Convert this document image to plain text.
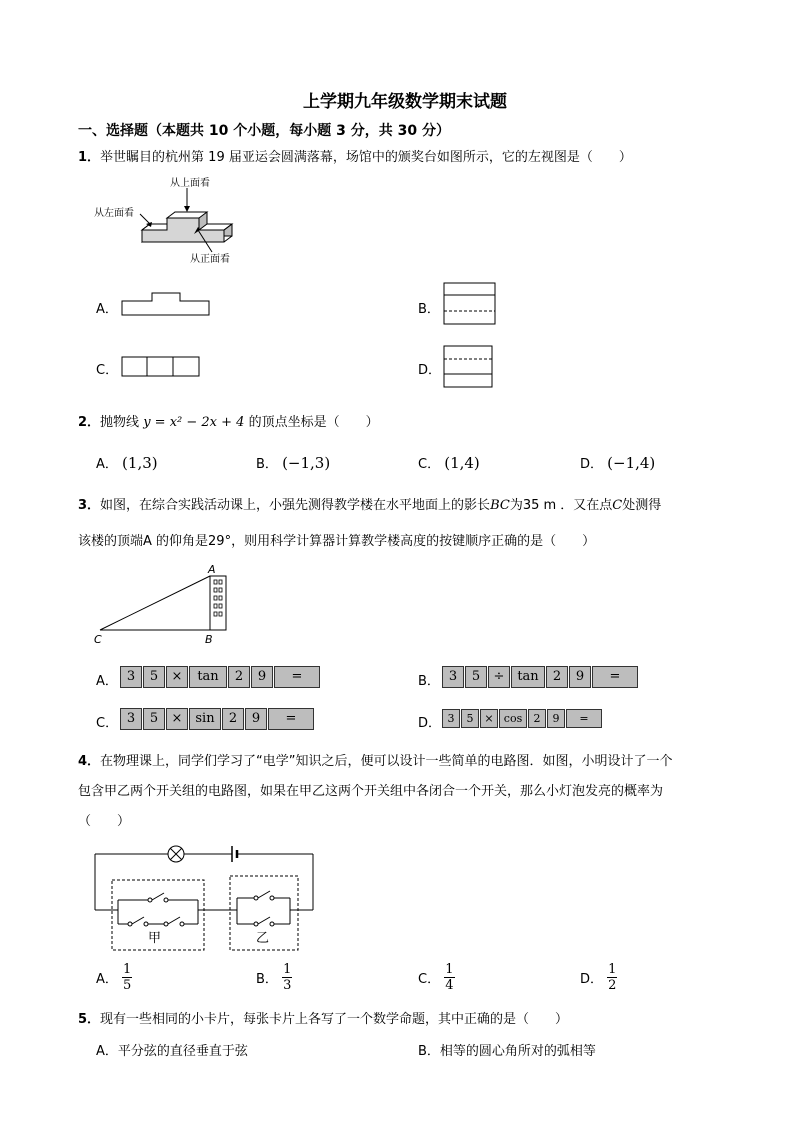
上学期九年级数学期末试题
一、选择题（本题共 10 个小题，每小题 3 分，共 30 分）
1．举世瞩目的杭州第 19 届亚运会圆满落幕，场馆中的颁奖台如图所示，它的左视图是（　　）
从上面看
从左面看
从正面看
A．	B．
C．	D．
2．抛物线 y = x² − 2x + 4 的顶点坐标是（　　）
A． (1,3)	B． (−1,3)	C． (1,4)	D． (−1,4)
3．如图，在综合实践活动课上，小强先测得教学楼在水平地面上的影长BC为35 m ．又在点C处测得
该楼的顶端A 的仰角是29°，则用科学计算器计算教学楼高度的按键顺序正确的是（　　）
A
B
C
A． 3	5	×	tan	2	9	=	B． 3	5	÷ tan	2	9	=
C． 3	5	× sin	2	9	=	D． 3	5 × cos	2	9	=
4．在物理课上，同学们学习了“电学”知识之后，便可以设计一些简单的电路图．如图，小明设计了一个
包含甲乙两个开关组的电路图，如果在甲乙这两个开关组中各闭合一个开关，那么小灯泡发亮的概率为
（　　）
甲	乙
A． $\frac{1}{5}$	B． $\frac{1}{3}$	C． $\frac{1}{4}$	D． $\frac{1}{2}$
5．现有一些相同的小卡片，每张卡片上各写了一个数学命题，其中正确的是（　　）
A．平分弦的直径垂直于弦	B．相等的圆心角所对的弧相等
